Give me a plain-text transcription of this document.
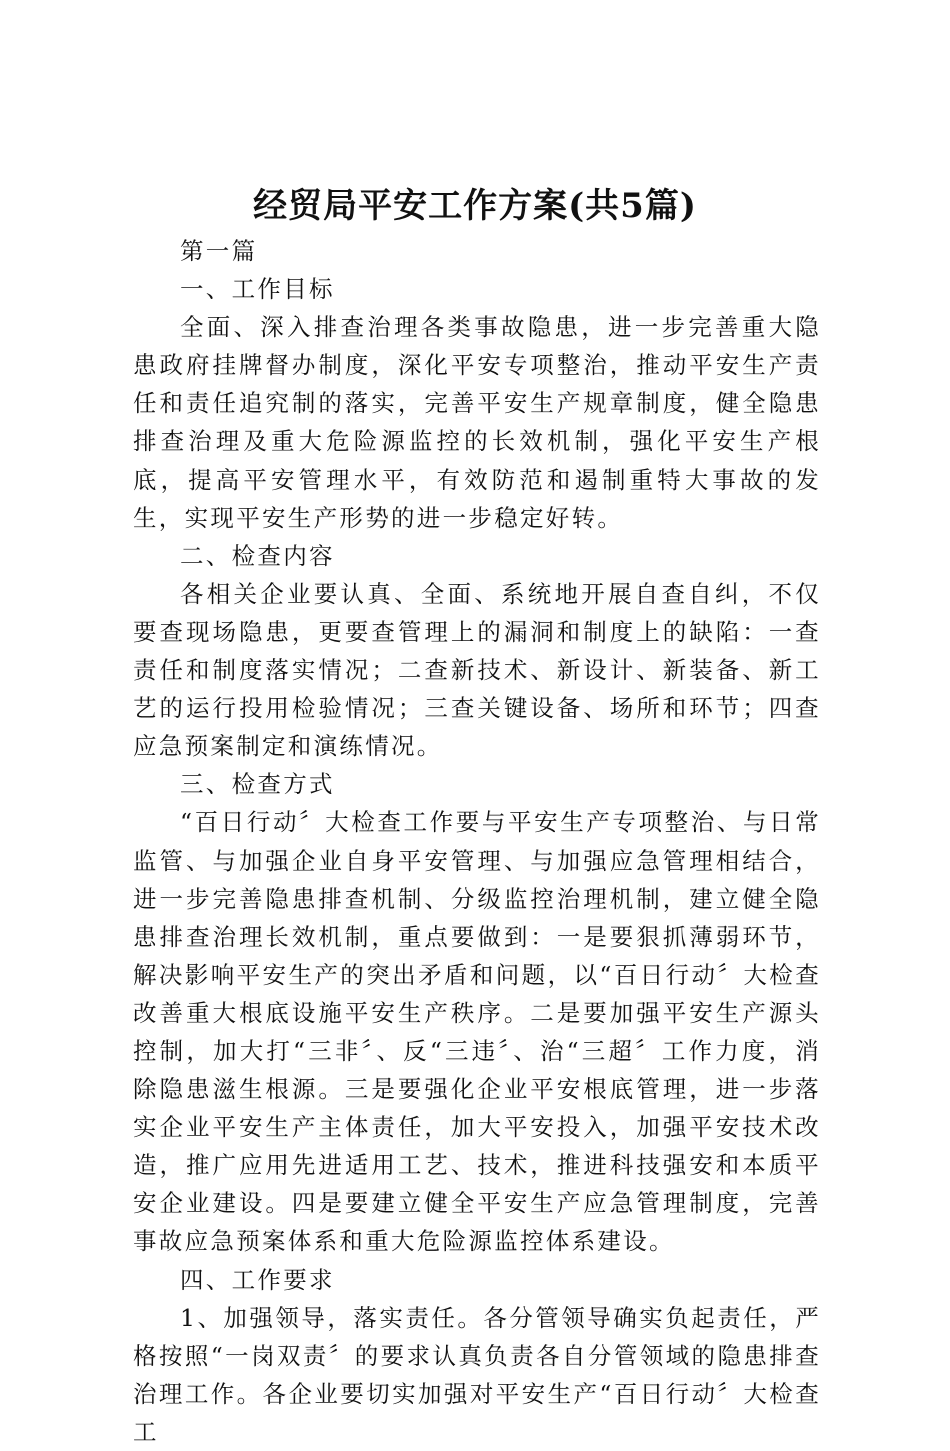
经贸局平安工作方案(共5篇)

第一篇

一、工作目标

全面、深入排查治理各类事故隐患，进一步完善重大隐患政府挂牌督办制度，深化平安专项整治，推动平安生产责任和责任追究制的落实，完善平安生产规章制度，健全隐患排查治理及重大危险源监控的长效机制，强化平安生产根底，提高平安管理水平，有效防范和遏制重特大事故的发生，实现平安生产形势的进一步稳定好转。

二、检查内容

各相关企业要认真、全面、系统地开展自查自纠，不仅要查现场隐患，更要查管理上的漏洞和制度上的缺陷：一查责任和制度落实情况；二查新技术、新设计、新装备、新工艺的运行投用检验情况；三查关键设备、场所和环节；四查应急预案制定和演练情况。

三、检查方式

“百日行动〞大检查工作要与平安生产专项整治、与日常监管、与加强企业自身平安管理、与加强应急管理相结合，进一步完善隐患排查机制、分级监控治理机制，建立健全隐患排查治理长效机制，重点要做到：一是要狠抓薄弱环节，解决影响平安生产的突出矛盾和问题，以“百日行动〞大检查改善重大根底设施平安生产秩序。二是要加强平安生产源头控制，加大打“三非〞、反“三违〞、治“三超〞工作力度，消除隐患滋生根源。三是要强化企业平安根底管理，进一步落实企业平安生产主体责任，加大平安投入，加强平安技术改造，推广应用先进适用工艺、技术，推进科技强安和本质平安企业建设。四是要建立健全平安生产应急管理制度，完善事故应急预案体系和重大危险源监控体系建设。

四、工作要求

1、加强领导，落实责任。各分管领导确实负起责任，严格按照“一岗双责〞的要求认真负责各自分管领域的隐患排查治理工作。各企业要切实加强对平安生产“百日行动〞大检查工
